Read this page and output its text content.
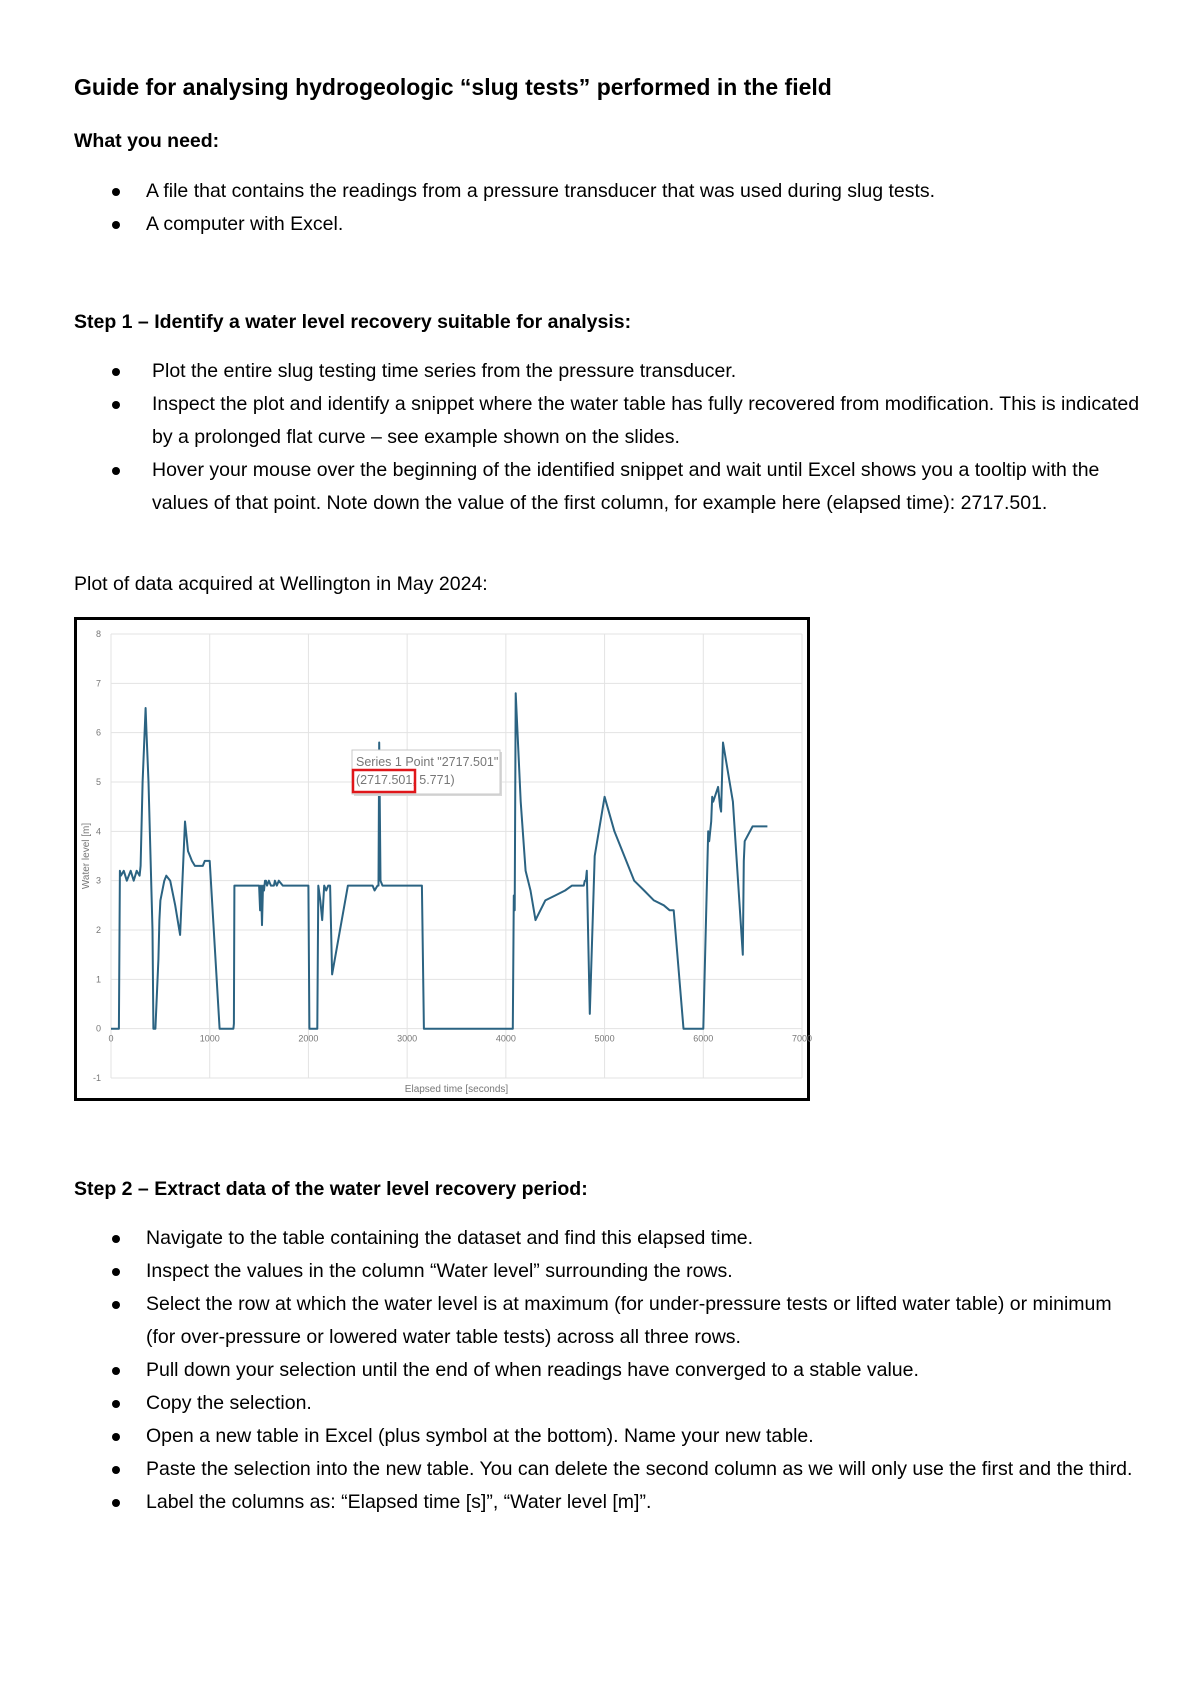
Guide for analysing hydrogeologic “slug tests” performed in the field
What you need:
A file that contains the readings from a pressure transducer that was used during slug tests.
A computer with Excel.
Step 1 – Identify a water level recovery suitable for analysis:
Plot the entire slug testing time series from the pressure transducer.
Inspect the plot and identify a snippet where the water table has fully recovered from modification. This is indicated by a prolonged flat curve – see example shown on the slides.
Hover your mouse over the beginning of the identified snippet and wait until Excel shows you a tooltip with the values of that point. Note down the value of the first column, for example here (elapsed time): 2717.501.
Plot of data acquired at Wellington in May 2024:
Step 2 – Extract data of the water level recovery period:
Navigate to the table containing the dataset and find this elapsed time.
Inspect the values in the column “Water level” surrounding the rows.
Select the row at which the water level is at maximum (for under-pressure tests or lifted water table) or minimum (for over-pressure or lowered water table tests) across all three rows.
Pull down your selection until the end of when readings have converged to a stable value.
Copy the selection.
Open a new table in Excel (plus symbol at the bottom). Name your new table.
Paste the selection into the new table. You can delete the second column as we will only use the first and the third.
Label the columns as: “Elapsed time [s]”, “Water level [m]”.
-1
0
1
2
3
4
5
6
7
8
0	1000	2000	3000	4000	5000	6000	7000
Elapsed time [seconds]
Water level [m]
Series 1 Point "2717.501"
(2717.501, 5.771)
